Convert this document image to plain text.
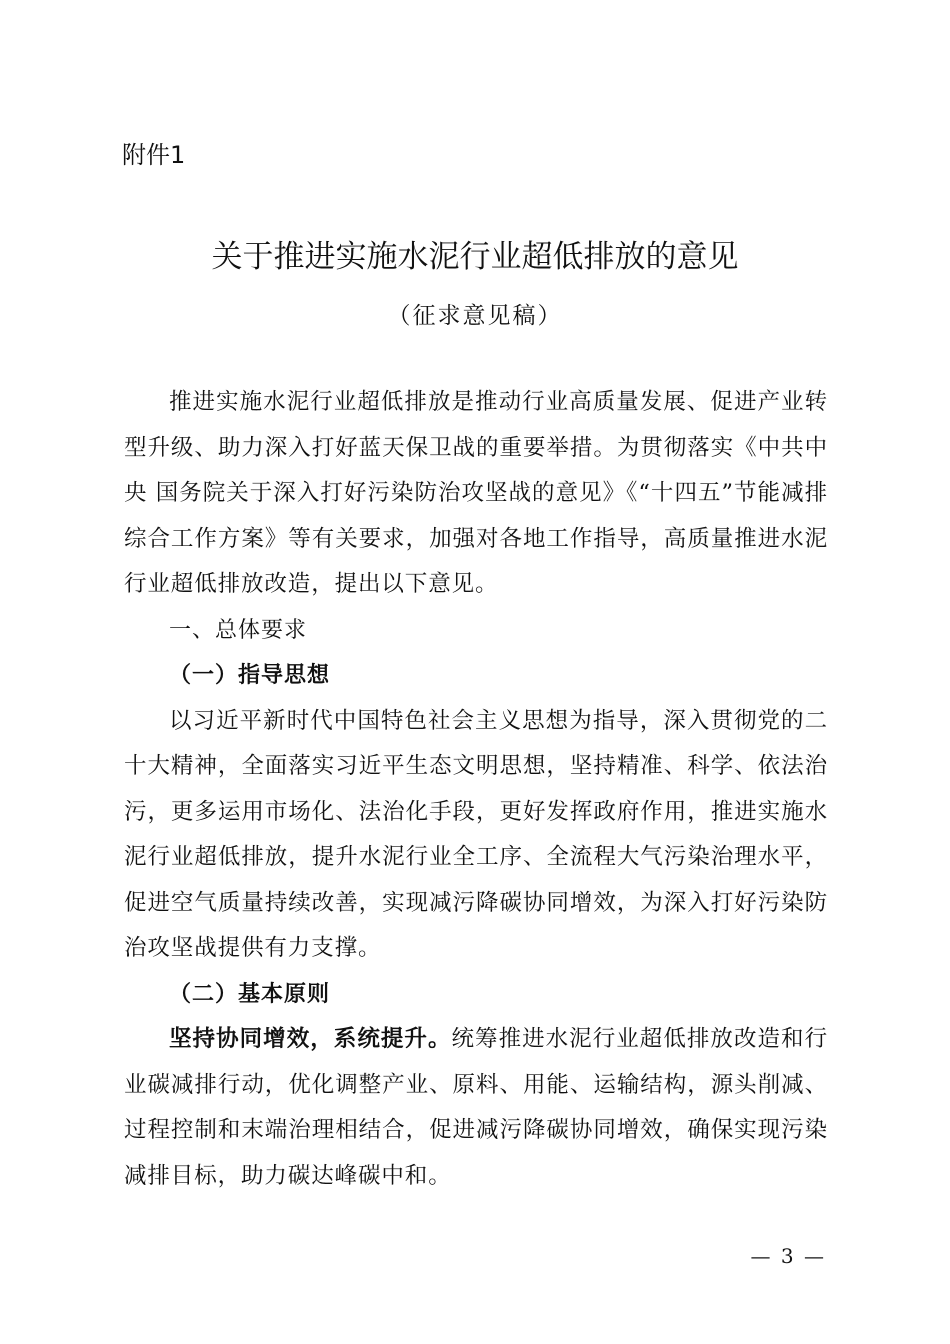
附件1

关于推进实施水泥行业超低排放的意见

（征求意见稿）

推进实施水泥行业超低排放是推动行业高质量发展、促进产业转型升级、助力深入打好蓝天保卫战的重要举措。为贯彻落实《中共中央 国务院关于深入打好污染防治攻坚战的意见》《“十四五”节能减排综合工作方案》等有关要求，加强对各地工作指导，高质量推进水泥行业超低排放改造，提出以下意见。

一、总体要求

（一）指导思想

以习近平新时代中国特色社会主义思想为指导，深入贯彻党的二十大精神，全面落实习近平生态文明思想，坚持精准、科学、依法治污，更多运用市场化、法治化手段，更好发挥政府作用，推进实施水泥行业超低排放，提升水泥行业全工序、全流程大气污染治理水平，促进空气质量持续改善，实现减污降碳协同增效，为深入打好污染防治攻坚战提供有力支撑。

（二）基本原则

坚持协同增效，系统提升。统筹推进水泥行业超低排放改造和行业碳减排行动，优化调整产业、原料、用能、运输结构，源头削减、过程控制和末端治理相结合，促进减污降碳协同增效，确保实现污染减排目标，助力碳达峰碳中和。

— 3 —
